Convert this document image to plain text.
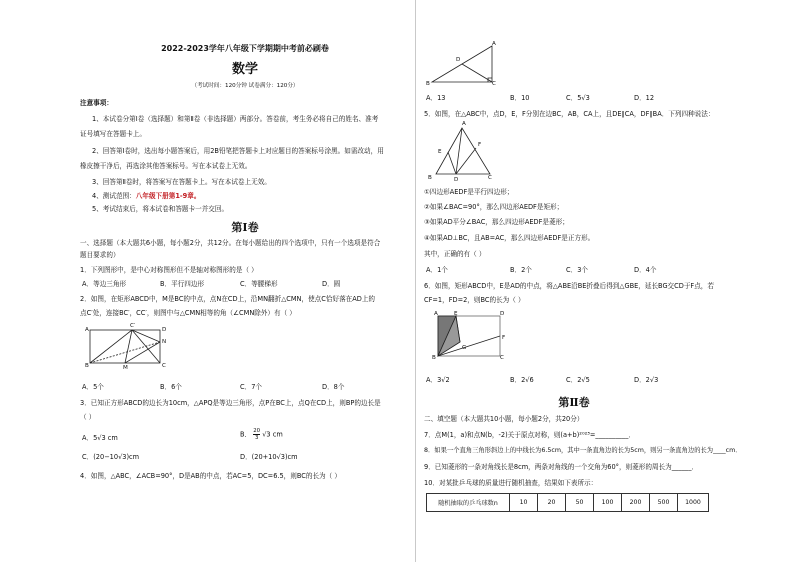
2022-2023学年八年级下学期期中考前必刷卷
数学
（考试时间：120分钟 试卷满分：120分）
注意事项：
1、本试卷分第Ⅰ卷（选择题）和第Ⅱ卷（非选择题）两部分。答卷前，考生务必将自己的姓名、准考
证号填写在答题卡上。
2、回答第Ⅰ卷时，选出每小题答案后，用2B铅笔把答题卡上对应题目的答案标号涂黑。如需改动，用
橡皮擦干净后，再选涂其他答案标号。写在本试卷上无效。
3、回答第Ⅱ卷时，将答案写在答题卡上。写在本试卷上无效。
4、测试范围：八年级下册第1-9章。
5、考试结束后，将本试卷和答题卡一并交回。
第Ⅰ卷
一、选择题（本大题共6小题，每小题2分，共12分。在每小题给出的四个选项中，只有一个选项是符合
题目要求的）
1．下列图形中，是中心对称图形但不是轴对称图形的是（ ）
A．等边三角形	B．平行四边形	C．等腰梯形	D．圆
2．如图，在矩形ABCD中，M是BC的中点，点N在CD上，沿MN翻折△CMN，使点C恰好落在AD上的
点C′处，连接BC′，CC′，则图中与△CMN相等的角（∠CMN除外）有（ ）
A
C′
D
N
B	M	C
A．5个	B．6个	C．7个	D．8个
3．已知正方形ABCD的边长为10cm，△APQ是等边三角形，点P在BC上，点Q在CD上，则BP的边长是
（ ）
A．5√3 cm	B． $\frac{20}{3} √3$ cm
C．(20−10√3)cm	D．(20+10√3)cm
4．如图，△ABC，∠ACB=90°，D是AB的中点，若AC=5，DC=6.5，则BC的长为（ ）
A
D
B	C
A．13	B．10	C．5√3	D．12
5．如图，在△ABC中，点D，E，F分别在边BC，AB，CA上，且DE∥CA，DF∥BA．下列四种说法：
A
E
F
B	D	C
①四边形AEDF是平行四边形；
②如果∠BAC=90°，那么四边形AEDF是矩形；
③如果AD平分∠BAC，那么四边形AEDF是菱形；
④如果AD⊥BC，且AB=AC，那么四边形AEDF是正方形。
其中，正确的有（ ）
A．1个	B．2个	C．3个	D．4个
6．如图，矩形ABCD中，E是AD的中点，将△ABE沿BE折叠后得到△GBE，延长BG交CD于F点，若
CF=1，FD=2，则BC的长为（ ）
A	E	D
F
G
B	C
A．3√2	B．2√6	C．2√5	D．2√3
第Ⅱ卷
二、填空题（本大题共10小题，每小题2分，共20分）
7．点M(1，a)和点N(b，-2)关于原点对称，则(a+b)²⁰²³=__________．
8．如果一个直角三角形斜边上的中线长为6.5cm，其中一条直角边的长为5cm，则另一条直角边的长为____cm．
9．已知菱形的一条对角线长是8cm，两条对角线的一个交角为60°，则菱形的周长为______．
10．对某批乒乓球的质量进行随机抽查，结果如下表所示：
随机抽取的乒乓球数n	10	20	50	100	200	500	1000
